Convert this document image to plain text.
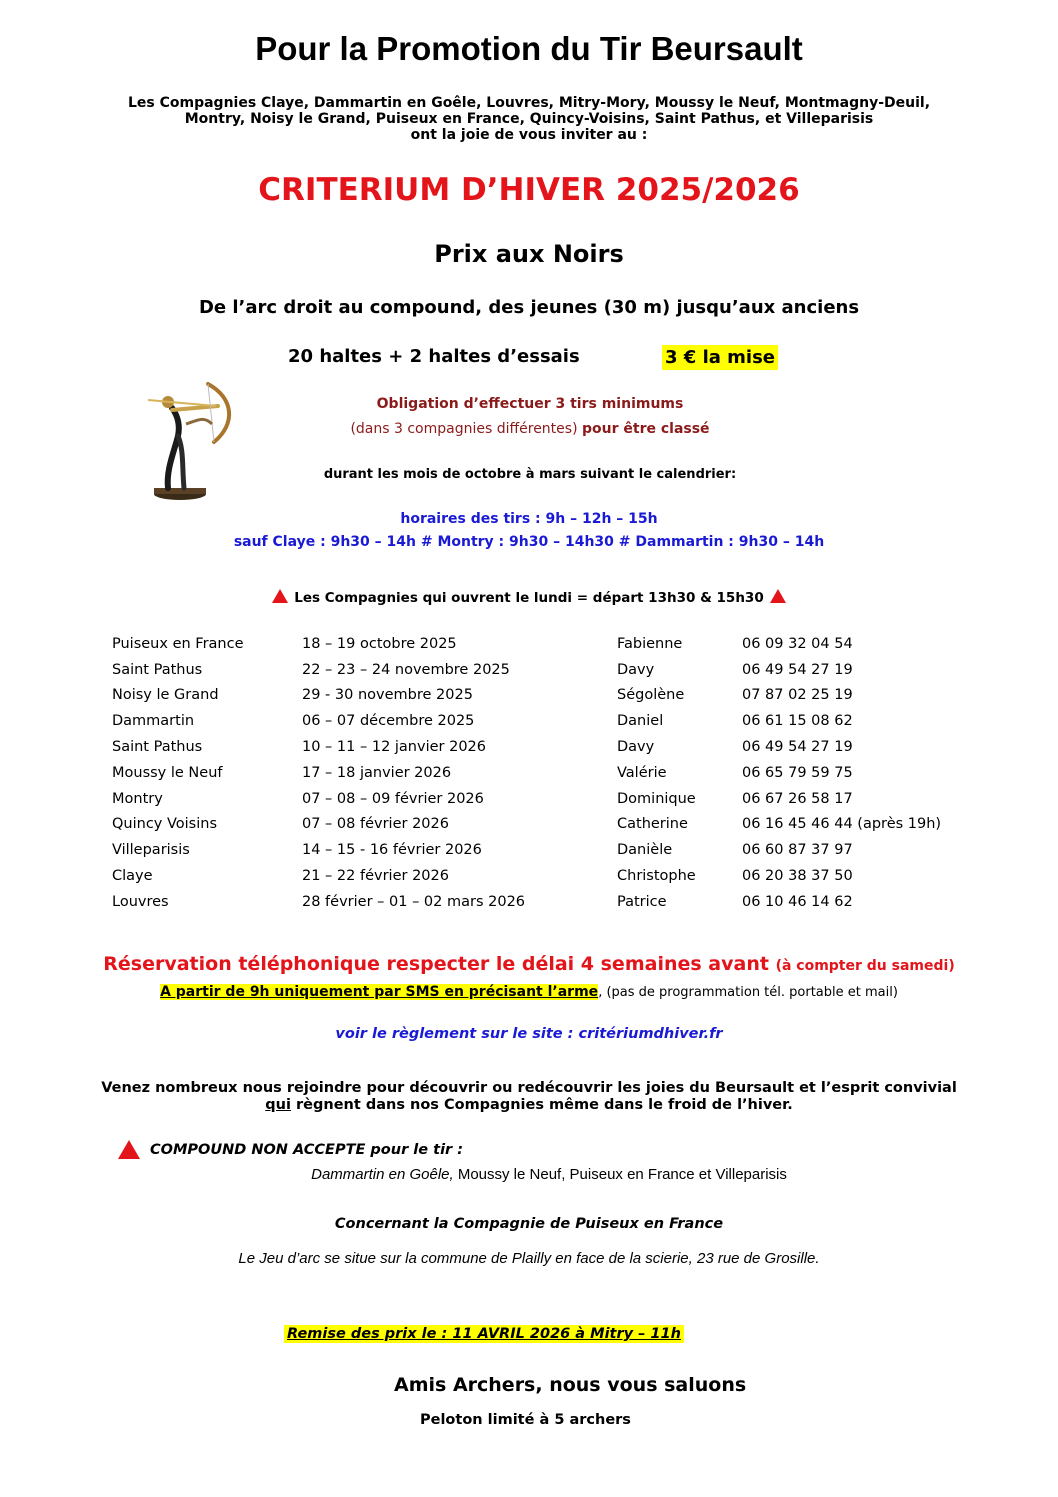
Pour la Promotion du Tir Beursault
Les Compagnies Claye, Dammartin en Goêle, Louvres, Mitry-Mory, Moussy le Neuf, Montmagny-Deuil,
Montry, Noisy le Grand, Puiseux en France, Quincy-Voisins, Saint Pathus, et Villeparisis
ont la joie de vous inviter au :
CRITERIUM D’HIVER 2025/2026
Prix aux Noirs
De l’arc droit au compound, des jeunes (30 m) jusqu’aux anciens
20 haltes + 2 haltes d’essais	3 € la mise
Obligation d’effectuer 3 tirs minimums
(dans 3 compagnies différentes) pour être classé
durant les mois de octobre à mars suivant le calendrier:
horaires des tirs : 9h – 12h – 15h
sauf Claye : 9h30 – 14h # Montry : 9h30 – 14h30 # Dammartin : 9h30 – 14h
Les Compagnies qui ouvrent le lundi = départ 13h30 & 15h30
Puiseux en France	18 – 19 octobre 2025	Fabienne	06 09 32 04 54
Saint Pathus	22 – 23 – 24 novembre 2025	Davy	06 49 54 27 19
Noisy le Grand	29 - 30 novembre 2025	Ségolène	07 87 02 25 19
Dammartin	06 – 07 décembre 2025	Daniel	06 61 15 08 62
Saint Pathus	10 – 11 – 12 janvier 2026	Davy	06 49 54 27 19
Moussy le Neuf	17 – 18 janvier 2026	Valérie	06 65 79 59 75
Montry	07 – 08 – 09 février 2026	Dominique	06 67 26 58 17
Quincy Voisins	07 – 08 février 2026	Catherine	06 16 45 46 44 (après 19h)
Villeparisis	14 – 15 - 16 février 2026	Danièle	06 60 87 37 97
Claye	21 – 22 février 2026	Christophe	06 20 38 37 50
Louvres	28 février – 01 – 02 mars 2026	Patrice	06 10 46 14 62
Réservation téléphonique respecter le délai 4 semaines avant (à compter du samedi)
A partir de 9h uniquement par SMS en précisant l’arme, (pas de programmation tél. portable et mail)
voir le règlement sur le site : critériumdhiver.fr
Venez nombreux nous rejoindre pour découvrir ou redécouvrir les joies du Beursault et l’esprit convivial
qui règnent dans nos Compagnies même dans le froid de l’hiver.
COMPOUND NON ACCEPTE pour le tir :
Dammartin en Goêle, Moussy le Neuf, Puiseux en France et Villeparisis
Concernant la Compagnie de Puiseux en France
Le Jeu d’arc se situe sur la commune de Plailly en face de la scierie, 23 rue de Grosille.
Remise des prix le : 11 AVRIL 2026 à Mitry – 11h
Amis Archers, nous vous saluons
Peloton limité à 5 archers
